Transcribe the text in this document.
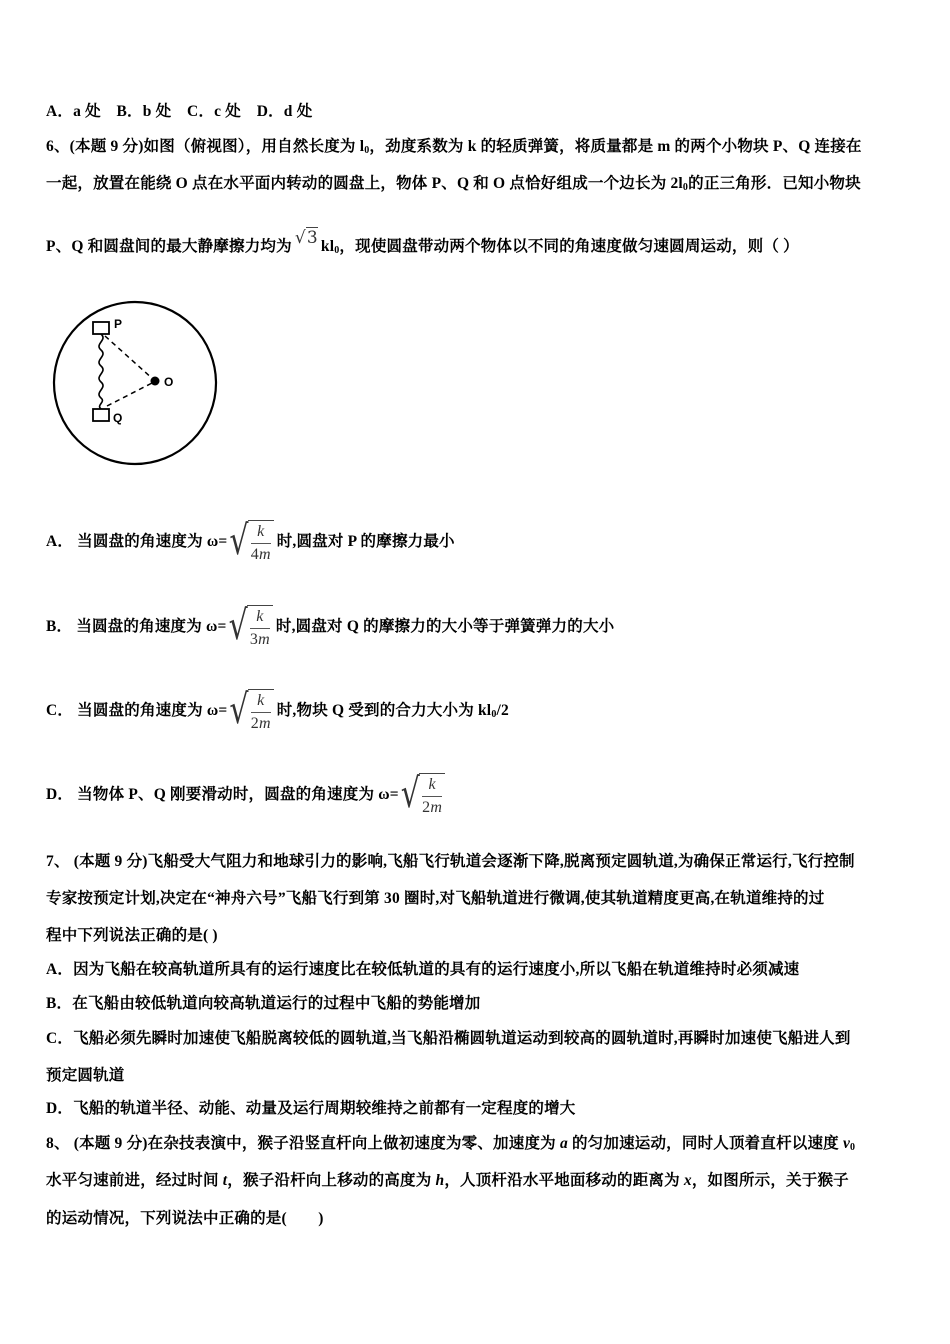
A．a 处　B．b 处　C．c 处　D．d 处
6、(本题 9 分)如图（俯视图），用自然长度为 $l_0$，劲度系数为 k 的轻质弹簧，将质量都是 m 的两个小物块 P、Q 连接在
一起，放置在能绕 O 点在水平面内转动的圆盘上，物体 P、Q 和 O 点恰好组成一个边长为 $2l_0$的正三角形．已知小物块
P、Q 和圆盘间的最大静摩擦力均为 √3 $kl_0$，现使圆盘带动两个物体以不同的角速度做匀速圆周运动，则（ ）
P
O
Q
A． 当圆盘的角速度为 ω= √ $\frac{k}{4m}$ 时,圆盘对 P 的摩擦力最小
B． 当圆盘的角速度为 ω= √ $\frac{k}{3m}$ 时,圆盘对 Q 的摩擦力的大小等于弹簧弹力的大小
C． 当圆盘的角速度为 ω= √ $\frac{k}{2m}$ 时,物块 Q 受到的合力大小为 $kl_0/2$
D． 当物体 P、Q 刚要滑动时，圆盘的角速度为 ω= √ $\frac{k}{2m}$
7、 (本题 9 分)飞船受大气阻力和地球引力的影响,飞船飞行轨道会逐渐下降,脱离预定圆轨道,为确保正常运行,飞行控制
专家按预定计划,决定在“神舟六号”飞船飞行到第 30 圈时,对飞船轨道进行微调,使其轨道精度更高,在轨道维持的过
程中下列说法正确的是( )
A．因为飞船在较高轨道所具有的运行速度比在较低轨道的具有的运行速度小,所以飞船在轨道维持时必须减速
B．在飞船由较低轨道向较高轨道运行的过程中飞船的势能增加
C．飞船必须先瞬时加速使飞船脱离较低的圆轨道,当飞船沿椭圆轨道运动到较高的圆轨道时,再瞬时加速使飞船进人到
预定圆轨道
D．飞船的轨道半径、动能、动量及运行周期较维持之前都有一定程度的增大
8、 (本题 9 分)在杂技表演中，猴子沿竖直杆向上做初速度为零、加速度为 a 的匀加速运动，同时人顶着直杆以速度 $v_0$
水平匀速前进，经过时间 t，猴子沿杆向上移动的高度为 h，人顶杆沿水平地面移动的距离为 x，如图所示，关于猴子
的运动情况，下列说法中正确的是(　　)
